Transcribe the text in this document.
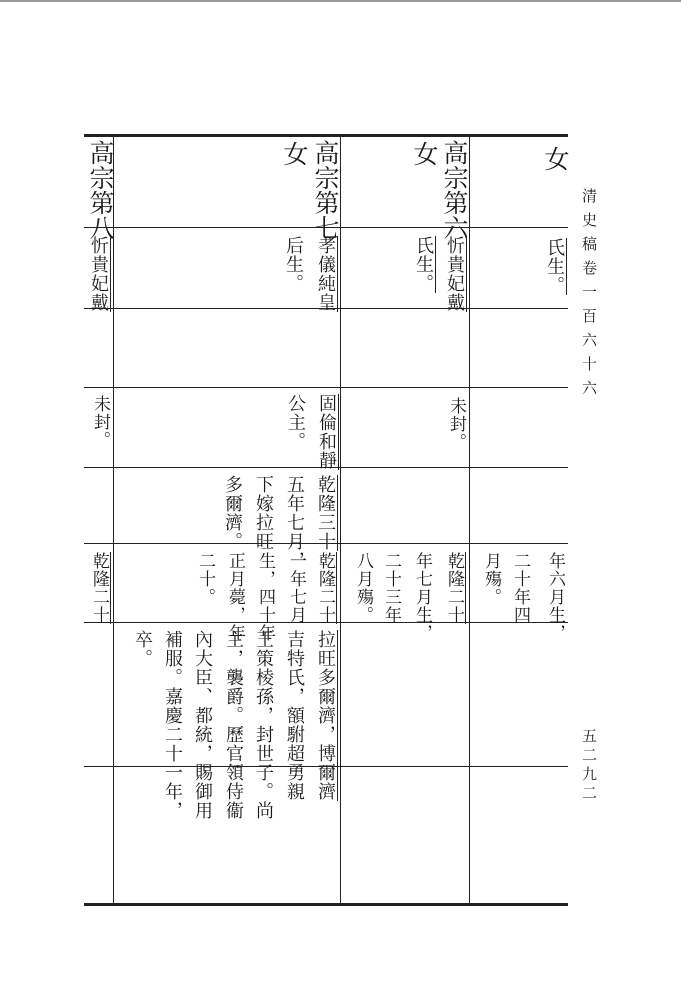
清史稿卷一百六十六
五二九二
女
氏生。
年六月生，
二十年四
月殤。
高宗第六
女
忻貴妃戴
氏生。
未封。
乾隆二十
年七月生，
二十三年
八月殤。
高宗第七
女
孝儀純皇
后生。
固倫和靜
公主。
乾隆三十
五年七月，
下嫁拉旺
多爾濟。
乾隆二十
一年七月
生，四十年
正月薨，年
二十。
拉旺多爾濟，博爾濟
吉特氏，額駙超勇親
王策棱孫，封世子。尚
主，襲爵。歷官領侍衞
內大臣、都統，賜御用
補服。嘉慶二十一年，
卒。
高宗第八
忻貴妃戴
未封。
乾隆二十
